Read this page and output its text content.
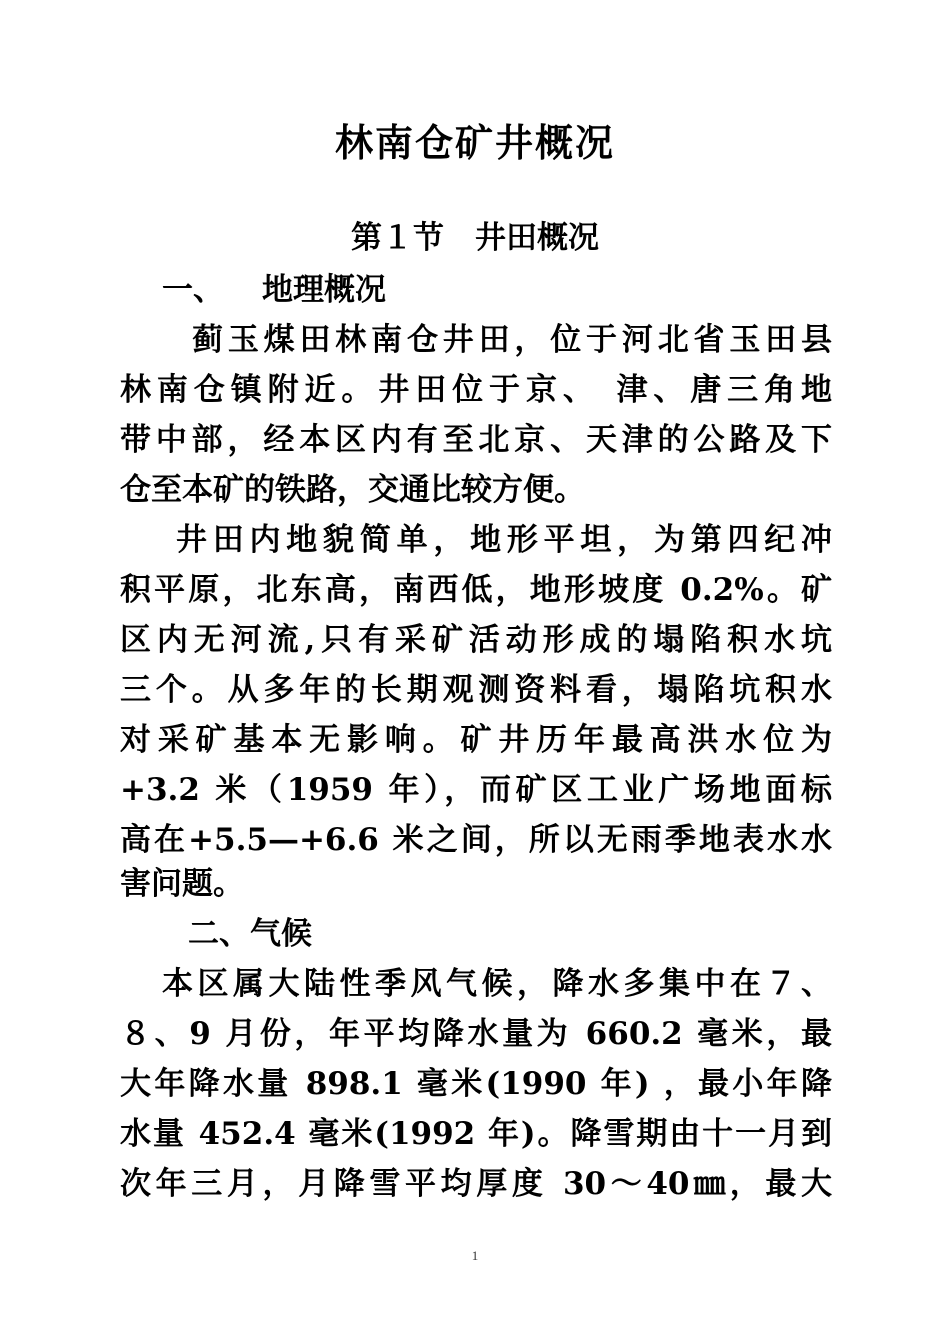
林南仓矿井概况
第１节　井田概况
一、 地理概况
蓟玉煤田林南仓井田，位于河北省玉田县
林南仓镇附近。井田位于京、 津、唐三角地
带中部，经本区内有至北京、天津的公路及下
仓至本矿的铁路，交通比较方便。
井田内地貌简单，地形平坦，为第四纪冲
积平原，北东高，南西低，地形坡度 0.2%。矿
区内无河流,只有采矿活动形成的塌陷积水坑
三个。从多年的长期观测资料看，塌陷坑积水
对采矿基本无影响。矿井历年最高洪水位为
+3.2 米（1959 年），而矿区工业广场地面标
高在+5.5—+6.6 米之间，所以无雨季地表水水
害问题。
二、气候
本区属大陆性季风气候，降水多集中在７、
８、9 月份，年平均降水量为 660.2 毫米，最
大年降水量 898.1 毫米(1990 年) ，最小年降
水量 452.4 毫米(1992 年)。降雪期由十一月到
次年三月，月降雪平均厚度 30～40㎜，最大
1
